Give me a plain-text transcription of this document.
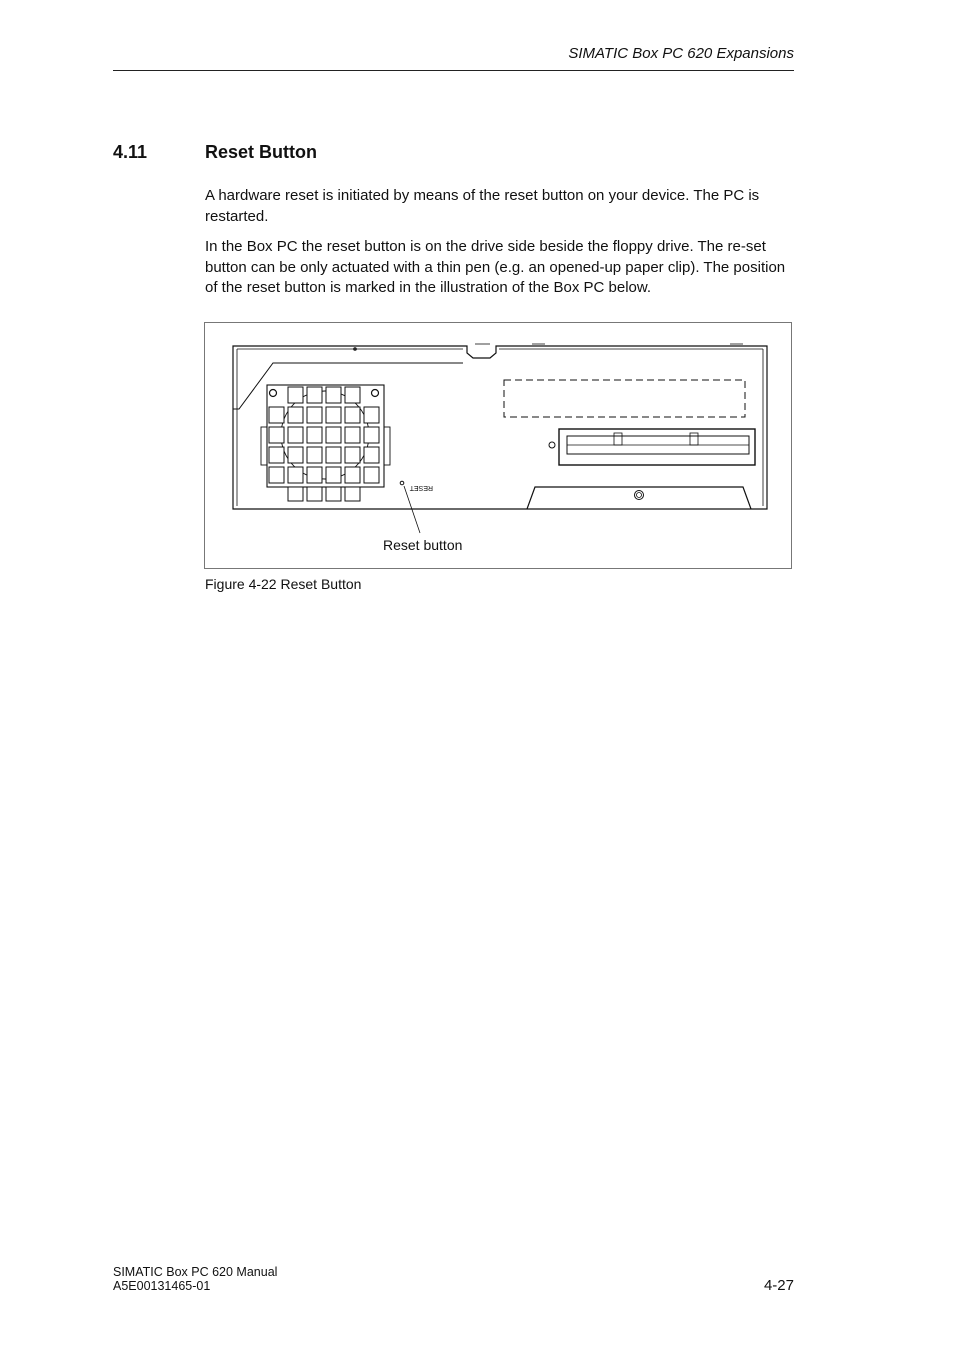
SIMATIC Box PC 620 Expansions
4.11	Reset Button

A hardware reset is initiated by means of the reset button on your device. The PC is restarted.

In the Box PC the reset button is on the drive side beside the floppy drive. The re-set button can be only actuated with a thin pen (e.g. an opened-up paper clip). The position of the reset button is marked in the illustration of the Box PC below.

RESET
Reset button
Figure 4-22 Reset Button
SIMATIC Box PC 620 Manual
A5E00131465-01	4-27
